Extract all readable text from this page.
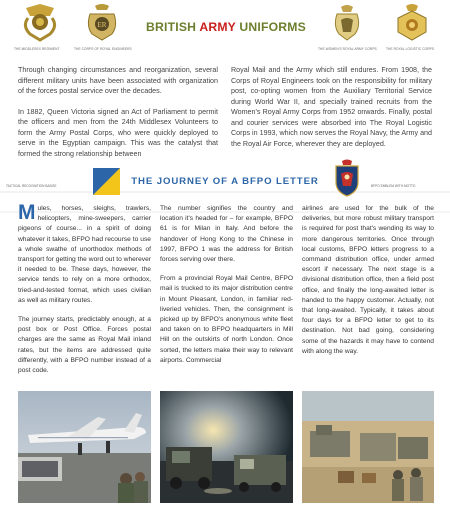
THE MIDDLESEX REGIMENT
ER
THE CORPS OF ROYAL ENGINEERS
BRITISH ARMY UNIFORMS
THE WOMEN'S ROYAL ARMY CORPS	THE ROYAL LOGISTIC CORPS

Through changing circumstances and reorganization, several different military units have been associated with organization of the forces postal service over the decades.

In 1882, Queen Victoria signed an Act of Parliament to permit the officers and men from the 24th Middlesex Volunteers to form the Army Postal Corps, who were quickly deployed to serve in the Egyptian campaign. This was the catalyst that formed the strong relationship between

Royal Mail and the Army which still endures. From 1908, the Corps of Royal Engineers took on the responsibility for military post, co-opting women from the Auxiliary Territorial Service during World War II, and specially trained recruits from the Women's Royal Army Corps from 1952 onwards. Finally, postal and courier services were absorbed into The Royal Logistic Corps in 1993, which now serves the Royal Navy, the Army and the Royal Air Force, wherever they are deployed.

TACTICAL RECOGNITION BADGE	BFPO EMBLEM WITH MOTTO
THE JOURNEY OF A BFPO LETTER

Mules, horses, sleighs, trawlers, helicopters, mine-sweepers, carrier pigeons of course... in a spirit of doing whatever it takes, BFPO had recourse to use a whole swathe of unorthodox methods of transport for getting the word out to wherever it needed to be. These days, however, the service tends to rely on a more orthodox, tried-and-tested format, which uses civilian as well as military routes.

The journey starts, predictably enough, at a post box or Post Office. Forces postal charges are the same as Royal Mail inland rates, but the items are addressed quite differently, with a BFPO number instead of a post code.

The number signifies the country and location it's headed for – for example, BFPO 61 is for Milan in Italy. And before the handover of Hong Kong to the Chinese in 1997, BFPO 1 was the address for British forces serving over there.

From a provincial Royal Mail Centre, BFPO mail is trucked to its major distribution centre in Mount Pleasant, London, in familiar red-liveried vehicles. Then, the consignment is picked up by BFPO's anonymous white fleet and taken on to BFPO headquarters in Mill Hill on the outskirts of north London. Once sorted, the letters make their way to relevant airports. Commercial

airlines are used for the bulk of the deliveries, but more robust military transport is required for post that's wending its way to more dangerous territories. Once through local customs, BFPO letters progress to a command distribution office, under armed escort if necessary. The next stage is a divisional distribution office, then a field post office, and finally the long-awaited letter is handed to the happy customer. Actually, not that long-awaited. Typically, it takes about four days for a BFPO letter to get to its destination. Not bad going, considering some of the hazards it may have to contend with along the way.
